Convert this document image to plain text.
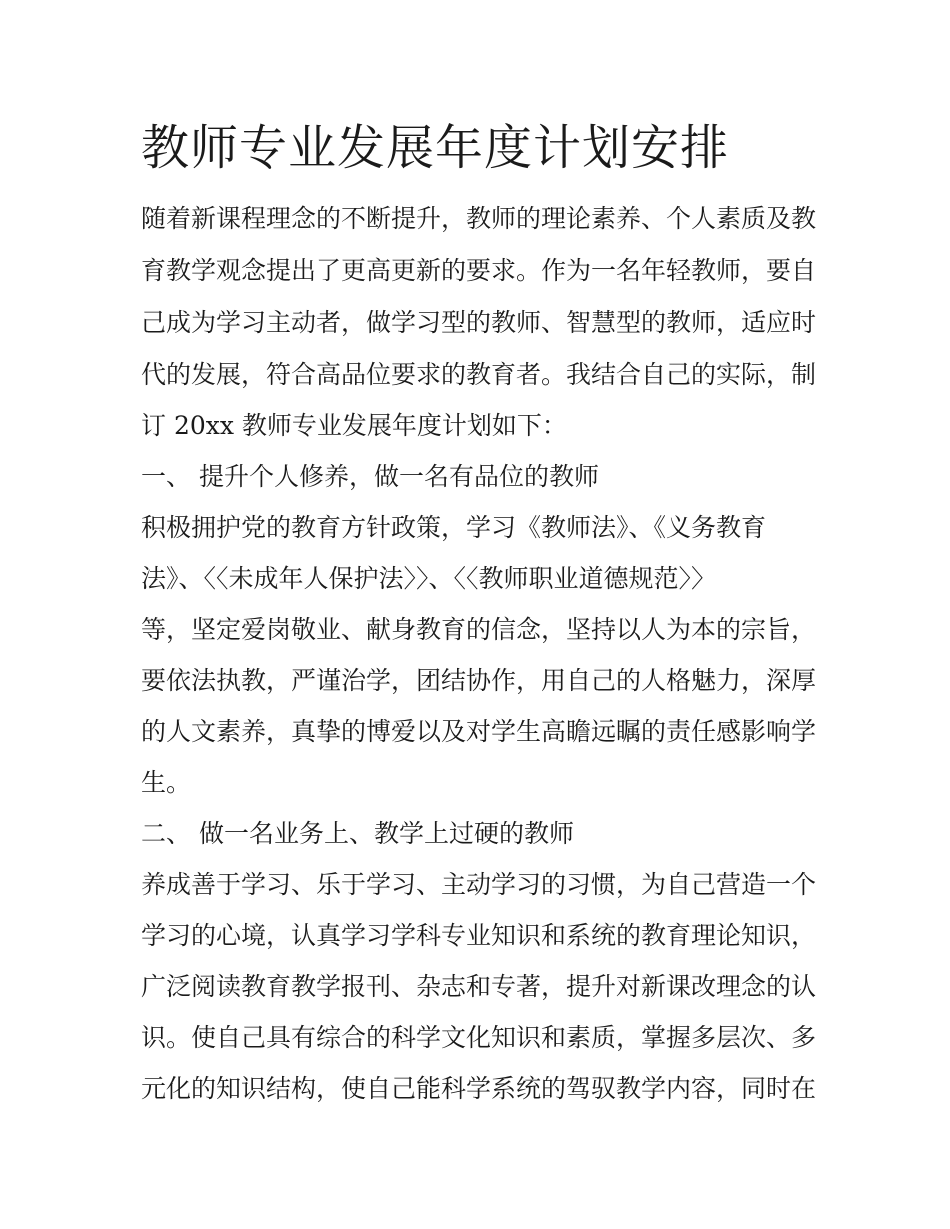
教师专业发展年度计划安排

随着新课程理念的不断提升，教师的理论素养、个人素质及教

育教学观念提出了更高更新的要求。作为一名年轻教师，要自

己成为学习主动者，做学习型的教师、智慧型的教师，适应时

代的发展，符合高品位要求的教育者。我结合自己的实际，制

订 20xx 教师专业发展年度计划如下：

一、 提升个人修养，做一名有品位的教师

积极拥护党的教育方针政策，学习《教师法》、《义务教育

法》、〈〈未成年人保护法〉〉、〈〈教师职业道德规范〉〉

等，坚定爱岗敬业、献身教育的信念，坚持以人为本的宗旨，

要依法执教，严谨治学，团结协作，用自己的人格魅力，深厚

的人文素养，真挚的博爱以及对学生高瞻远瞩的责任感影响学

生。

二、 做一名业务上、教学上过硬的教师

养成善于学习、乐于学习、主动学习的习惯，为自己营造一个

学习的心境，认真学习学科专业知识和系统的教育理论知识，

广泛阅读教育教学报刊、杂志和专著，提升对新课改理念的认

识。使自己具有综合的科学文化知识和素质，掌握多层次、多

元化的知识结构，使自己能科学系统的驾驭教学内容，同时在
